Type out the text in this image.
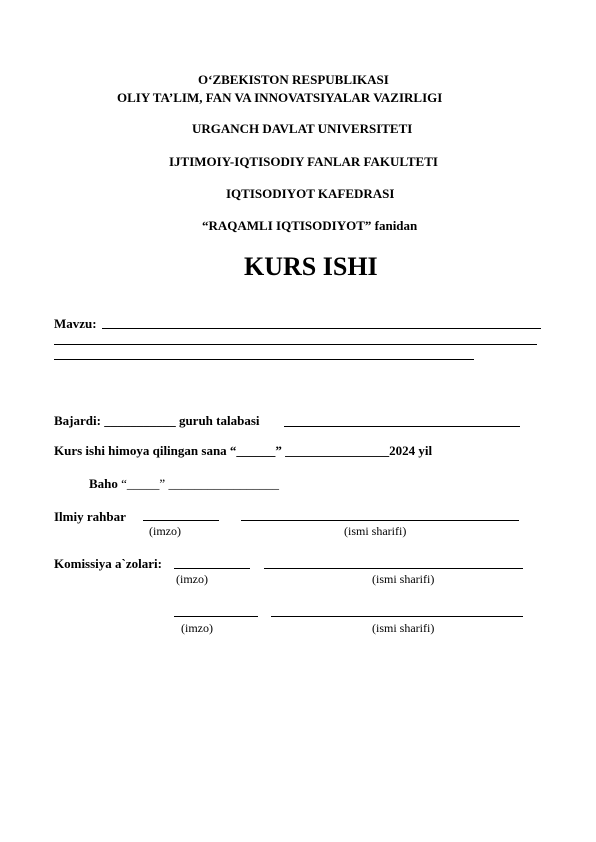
O‘ZBEKISTON RESPUBLIKASI
OLIY TA’LIM, FAN VA INNOVATSIYALAR VAZIRLIGI
URGANCH DAVLAT UNIVERSITETI
IJTIMOIY-IQTISODIY FANLAR FAKULTETI
IQTISODIYOT KAFEDRASI
“RAQAMLI IQTISODIYOT” fanidan
KURS ISHI
Mavzu:
Bajardi: ___________ guruh talabasi
Kurs ishi himoya qilingan sana “______” ________________2024 yil
Baho “_____” _________________
Ilmiy rahbar
(imzo)	(ismi sharifi)
Komissiya a`zolari:
(imzo)	(ismi sharifi)
(imzo)	(ismi sharifi)
